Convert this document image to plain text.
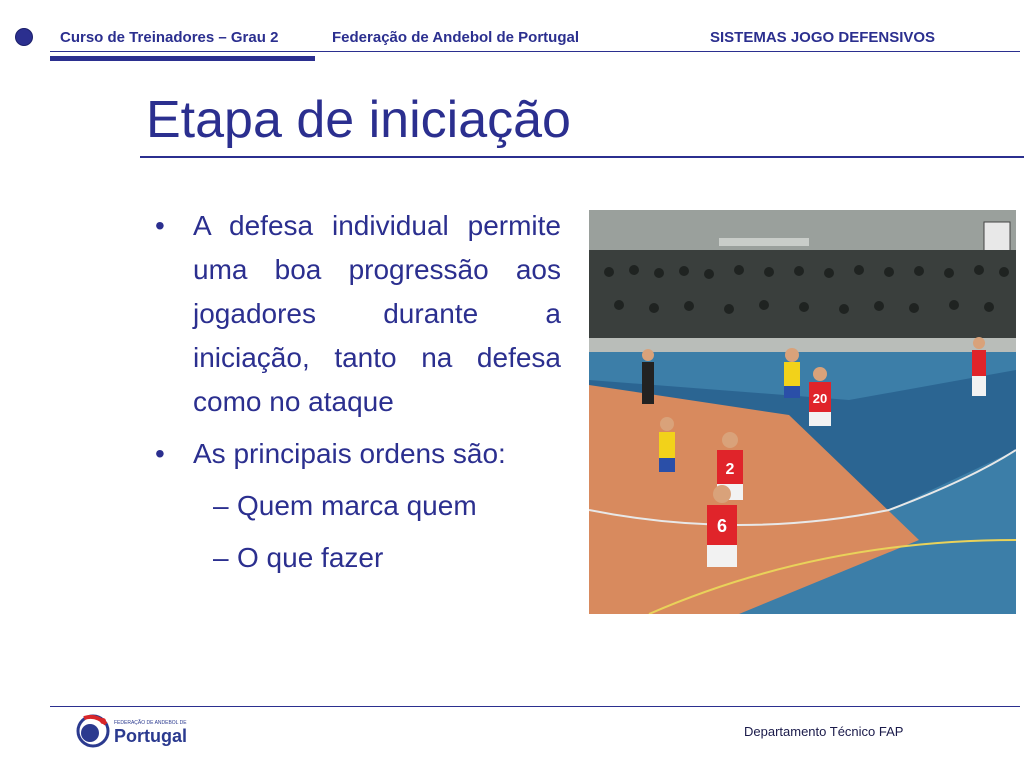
Curso de Treinadores – Grau 2	Federação de Andebol de Portugal	SISTEMAS JOGO DEFENSIVOS
Etapa de iniciação
• A defesa individual permite uma boa progressão aos jogadores durante a iniciação, tanto na defesa como no ataque
• As principais ordens são:
– Quem marca quem
– O que fazer
20
2
6
FEDERAÇÃO DE ANDEBOL DE
Portugal	Departamento Técnico FAP
